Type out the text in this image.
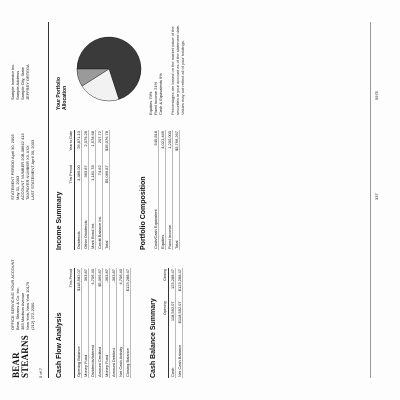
BEAR STEARNS 5 of 7
OFFICE SERVICING YOUR ACCOUNT Bear, Stearns & Co. Inc. 383 Madison Avenue New York, New York 10179 (212) 272-2000
STATEMENT PERIOD April 30, 2003
May 31, 2003 ACCOUNT NUMBER 20B-08642 413
TAXPAYER NUMBER XX-XXX
LAST STATEMENT April 30, 2003
Sample Investor Inc. Sample Address Sample City, State JEFFREY ORTEGA
Cash Flow Analysis
	This Period
Opening Balance	$118,582.07
Money Fund	363.87
Dividends/Interest	4,706.40
Amount Credited	$5,069.87
Money Fund	-363.87
Amount Debited	-363.87
Net Cash Activity	4,706.40
Closing Balance	$123,288.47
Income Summary
	This Period	Year to Date
Dividends	3,480.00	26,871.13
Other Dividends	363.87	2,079.28
Mark Bond Int.	1,181.78	1,578.68
Credit Balance Int.	74.62	207.72
Total	$5,069.87	$35,076.78
Portfolio Composition Cash/Cash Equivalent	545,818
Equities	4,021,449
Fixed Income	1,200,000
Total	$5,766,267
Your Portfolio Allocation	Equities 70% Fixed Income 21% Cash & Equivalents 9% Percentages are based on the market value of the securities in your account as of the statement date. Values may not reflect all of your holdings.
Cash Balance Summary
	Opening	Closing
Cash	118,582.07	123,288.47
Net Cash Balance	$118,582.07	$123,288.47
337
5975
